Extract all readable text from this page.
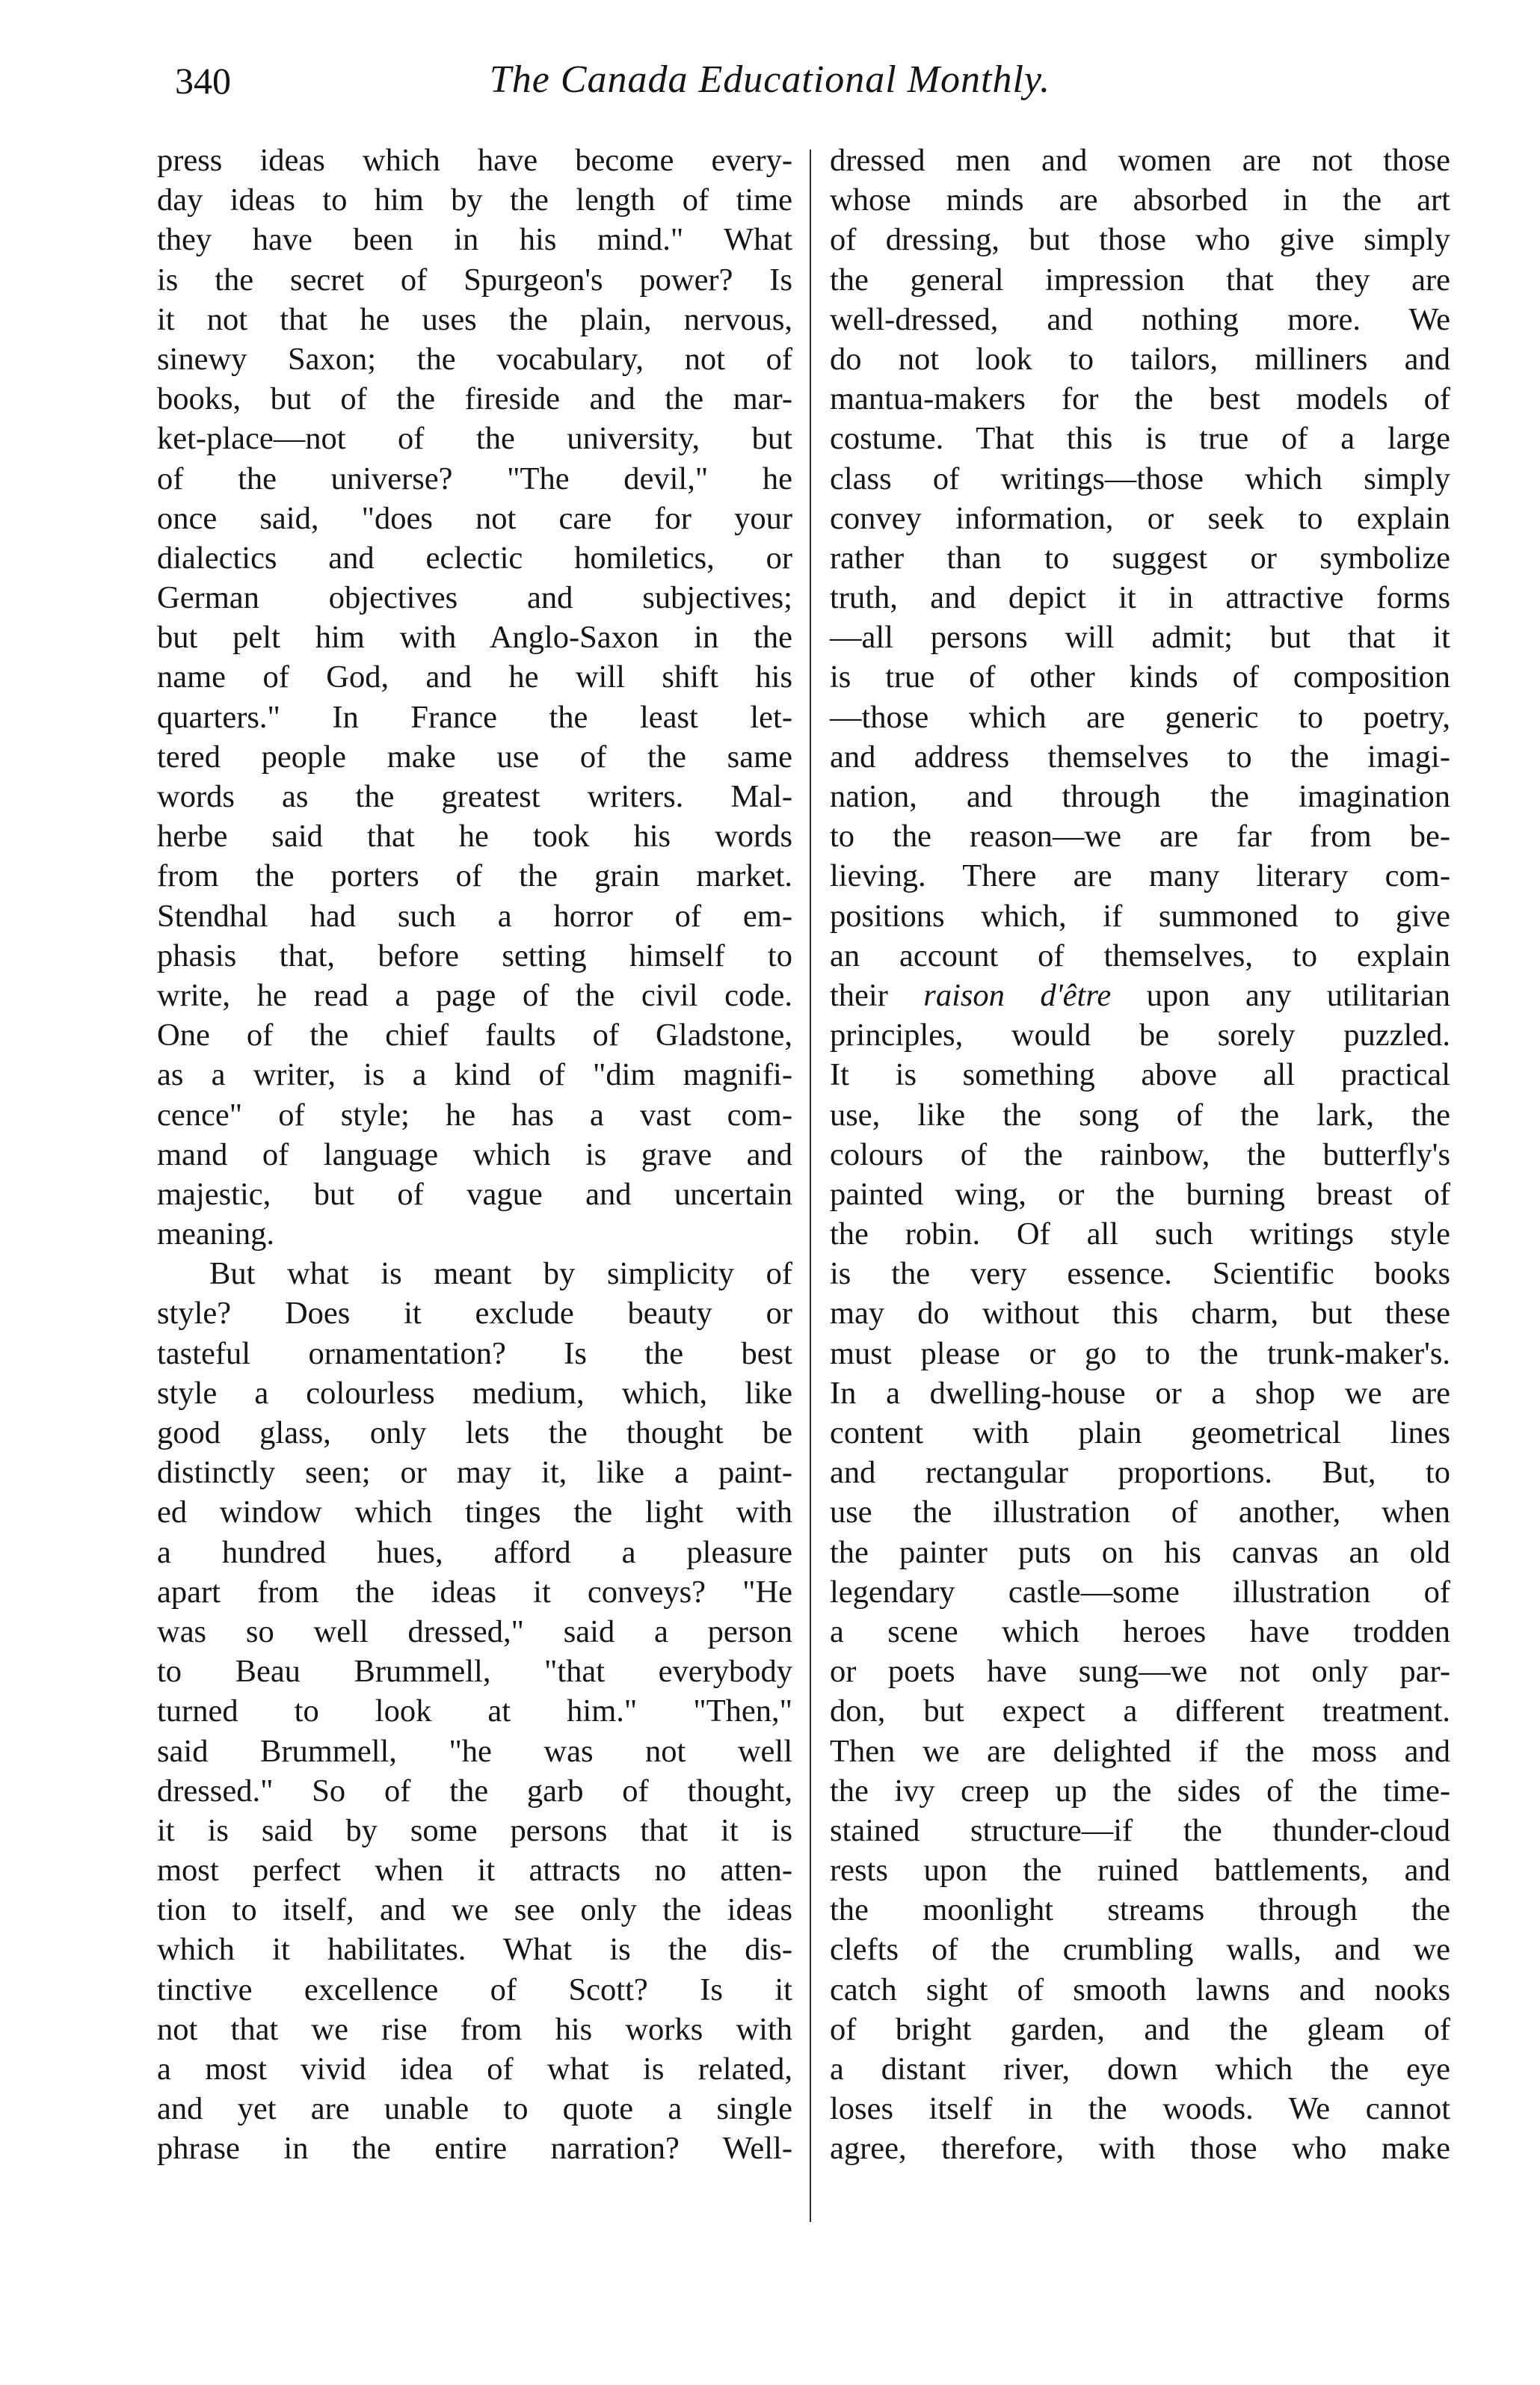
340	The Canada Educational Monthly.
press ideas which have become every-
day ideas to him by the length of time
they have been in his mind." What
is the secret of Spurgeon's power? Is
it not that he uses the plain, nervous,
sinewy Saxon; the vocabulary, not of
books, but of the fireside and the mar-
ket-place—not of the university, but
of the universe? "The devil," he
once said, "does not care for your
dialectics and eclectic homiletics, or
German objectives and subjectives;
but pelt him with Anglo-Saxon in the
name of God, and he will shift his
quarters." In France the least let-
tered people make use of the same
words as the greatest writers. Mal-
herbe said that he took his words
from the porters of the grain market.
Stendhal had such a horror of em-
phasis that, before setting himself to
write, he read a page of the civil code.
One of the chief faults of Gladstone,
as a writer, is a kind of "dim magnifi-
cence" of style; he has a vast com-
mand of language which is grave and
majestic, but of vague and uncertain
meaning.
But what is meant by simplicity of
style? Does it exclude beauty or
tasteful ornamentation? Is the best
style a colourless medium, which, like
good glass, only lets the thought be
distinctly seen; or may it, like a paint-
ed window which tinges the light with
a hundred hues, afford a pleasure
apart from the ideas it conveys? "He
was so well dressed," said a person
to Beau Brummell, "that everybody
turned to look at him." "Then,"
said Brummell, "he was not well
dressed." So of the garb of thought,
it is said by some persons that it is
most perfect when it attracts no atten-
tion to itself, and we see only the ideas
which it habilitates. What is the dis-
tinctive excellence of Scott? Is it
not that we rise from his works with
a most vivid idea of what is related,
and yet are unable to quote a single
phrase in the entire narration? Well-
dressed men and women are not those
whose minds are absorbed in the art
of dressing, but those who give simply
the general impression that they are
well-dressed, and nothing more. We
do not look to tailors, milliners and
mantua-makers for the best models of
costume. That this is true of a large
class of writings—those which simply
convey information, or seek to explain
rather than to suggest or symbolize
truth, and depict it in attractive forms
—all persons will admit; but that it
is true of other kinds of composition
—those which are generic to poetry,
and address themselves to the imagi-
nation, and through the imagination
to the reason—we are far from be-
lieving. There are many literary com-
positions which, if summoned to give
an account of themselves, to explain
their raison d'être upon any utilitarian
principles, would be sorely puzzled.
It is something above all practical
use, like the song of the lark, the
colours of the rainbow, the butterfly's
painted wing, or the burning breast of
the robin. Of all such writings style
is the very essence. Scientific books
may do without this charm, but these
must please or go to the trunk-maker's.
In a dwelling-house or a shop we are
content with plain geometrical lines
and rectangular proportions. But, to
use the illustration of another, when
the painter puts on his canvas an old
legendary castle—some illustration of
a scene which heroes have trodden
or poets have sung—we not only par-
don, but expect a different treatment.
Then we are delighted if the moss and
the ivy creep up the sides of the time-
stained structure—if the thunder-cloud
rests upon the ruined battlements, and
the moonlight streams through the
clefts of the crumbling walls, and we
catch sight of smooth lawns and nooks
of bright garden, and the gleam of
a distant river, down which the eye
loses itself in the woods. We cannot
agree, therefore, with those who make
